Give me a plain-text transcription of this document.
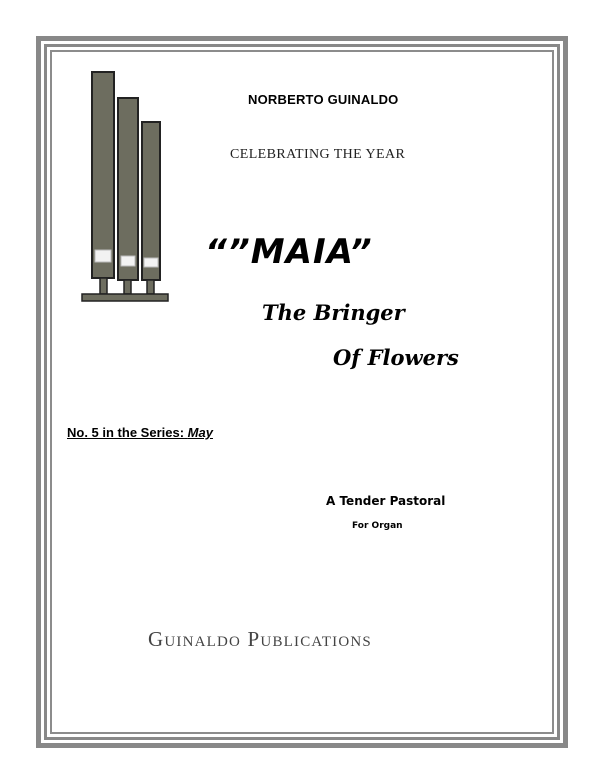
NORBERTO GUINALDO
CELEBRATING THE YEAR
“”MAIA”
The Bringer
Of Flowers
No. 5 in the Series: May
A Tender Pastoral
For Organ
Guinaldo Publications
